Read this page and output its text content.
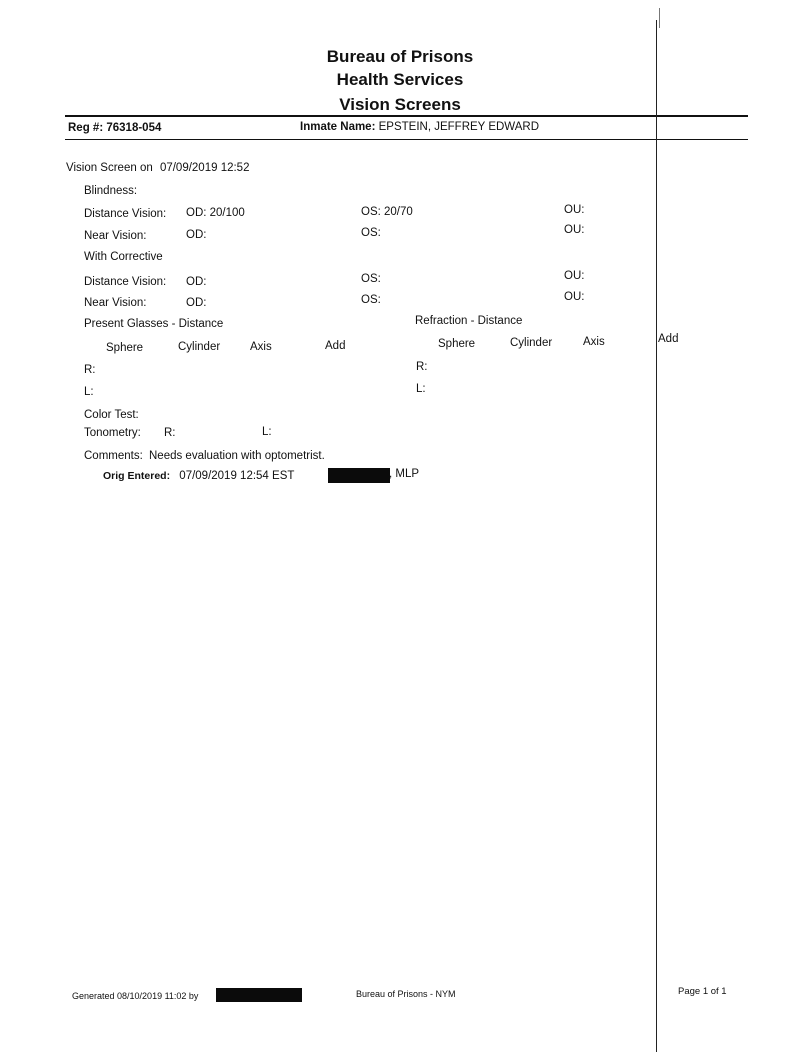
Bureau of Prisons
Health Services
Vision Screens
Reg #: 76318-054	Inmate Name: EPSTEIN, JEFFREY EDWARD
Vision Screen on 07/09/2019 12:52
Blindness:
Distance Vision: OD: 20/100	OS: 20/70	OU:
Near Vision:	OD:	OS:	OU:
With Corrective
Distance Vision: OD:	OS:	OU:
Near Vision:	OD:	OS:	OU:
Present Glasses - Distance	Refraction - Distance
Sphere	Cylinder	Axis	Add	Sphere	Cylinder	Axis	Add
R:
L:
R:
L:
Color Test:
Tonometry: R:	L:
Comments: Needs evaluation with optometrist.
Orig Entered: 07/09/2019 12:54 EST	, MLP
Generated 08/10/2019 11:02 by	Bureau of Prisons - NYM	Page 1 of 1
